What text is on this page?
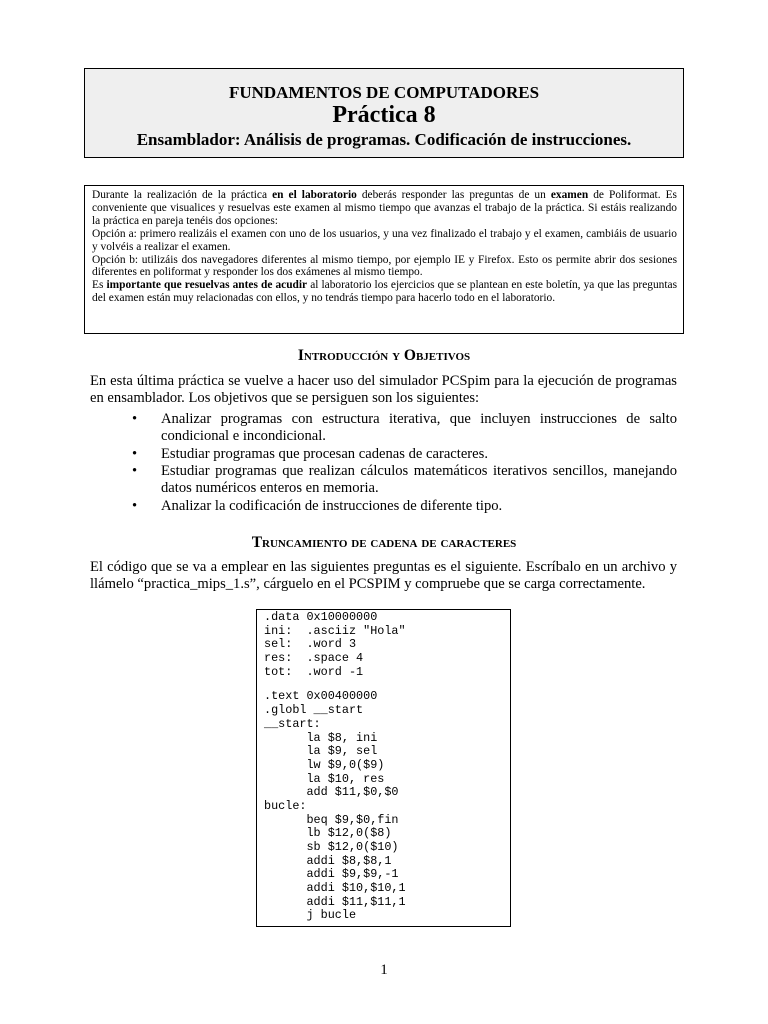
FUNDAMENTOS DE COMPUTADORES
Práctica 8
Ensamblador: Análisis de programas. Codificación de instrucciones.

Durante la realización de la práctica en el laboratorio deberás responder las preguntas de un examen de Poliformat. Es conveniente que visualices y resuelvas este examen al mismo tiempo que avanzas el trabajo de la práctica. Si estáis realizando la práctica en pareja tenéis dos opciones:

Opción a: primero realizáis el examen con uno de los usuarios, y una vez finalizado el trabajo y el examen, cambiáis de usuario y volvéis a realizar el examen.

Opción b: utilizáis dos navegadores diferentes al mismo tiempo, por ejemplo IE y Firefox. Esto os permite abrir dos sesiones diferentes en poliformat y responder los dos exámenes al mismo tiempo.

Es importante que resuelvas antes de acudir al laboratorio los ejercicios que se plantean en este boletín, ya que las preguntas del examen están muy relacionadas con ellos, y no tendrás tiempo para hacerlo todo en el laboratorio.

Introducción y Objetivos

En esta última práctica se vuelve a hacer uso del simulador PCSpim para la ejecución de programas en ensamblador. Los objetivos que se persiguen son los siguientes:

• Analizar programas con estructura iterativa, que incluyen instrucciones de salto condicional e incondicional.
• Estudiar programas que procesan cadenas de caracteres.
• Estudiar programas que realizan cálculos matemáticos iterativos sencillos, manejando datos numéricos enteros en memoria.
• Analizar la codificación de instrucciones de diferente tipo.
Truncamiento de cadena de caracteres

El código que se va a emplear en las siguientes preguntas es el siguiente. Escríbalo en un archivo y llámelo “practica_mips_1.s”, cárguelo en el PCSPIM y compruebe que se carga correctamente.

.data 0x10000000
ini:  .asciiz "Hola"
sel:  .word 3
res:  .space 4
tot:  .word -1
.text 0x00400000
.globl __start
__start:
la $8, ini
la $9, sel
lw $9,0($9)
la $10, res
add $11,$0,$0
bucle:
beq $9,$0,fin
lb $12,0($8)
sb $12,0($10)
addi $8,$8,1
addi $9,$9,-1
addi $10,$10,1
addi $11,$11,1
j bucle
1
